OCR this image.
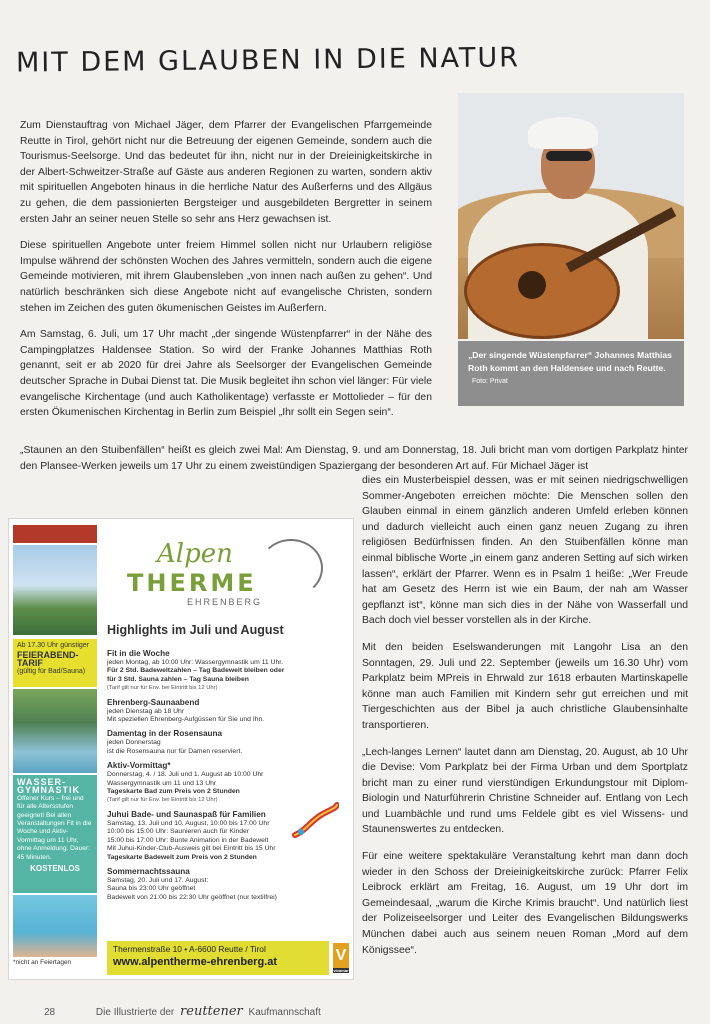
MIT DEM GLAUBEN IN DIE NATUR

Zum Dienstauftrag von Michael Jäger, dem Pfarrer der Evangelischen Pfarrgemeinde Reutte in Tirol, gehört nicht nur die Betreuung der eigenen Gemeinde, sondern auch die Tourismus-Seelsorge. Und das bedeutet für ihn, nicht nur in der Dreieinigkeitskirche in der Albert-Schweitzer-Straße auf Gäste aus anderen Regionen zu warten, sondern aktiv mit spirituellen Angeboten hinaus in die herrliche Natur des Außerferns und des Allgäus zu gehen, die dem passionierten Bergsteiger und ausgebildeten Bergretter in seinem ersten Jahr an seiner neuen Stelle so sehr ans Herz gewachsen ist.

Diese spirituellen Angebote unter freiem Himmel sollen nicht nur Urlaubern religiöse Impulse während der schönsten Wochen des Jahres vermitteln, sondern auch die eigene Gemeinde motivieren, mit ihrem Glaubensleben „von innen nach außen zu gehen“. Und natürlich beschränken sich diese Angebote nicht auf evangelische Christen, sondern stehen im Zeichen des guten ökumenischen Geistes im Außerfern.

Am Samstag, 6. Juli, um 17 Uhr macht „der singende Wüstenpfarrer“ in der Nähe des Campingplatzes Haldensee Station. So wird der Franke Johannes Matthias Roth genannt, seit er ab 2020 für drei Jahre als Seelsorger der Evangelischen Gemeinde deutscher Sprache in Dubai Dienst tat. Die Musik begleitet ihn schon viel länger: Für viele evangelische Kirchentage (und auch Katholikentage) verfasste er Mottolieder – für den ersten Ökumenischen Kirchentag in Berlin zum Beispiel „Ihr sollt ein Segen sein“.

„Der singende Wüstenpfarrer“ Johannes Matthias Roth kommt an den Haldensee und nach Reutte. Foto: Privat
„Staunen an den Stuibenfällen“ heißt es gleich zwei Mal: Am Dienstag, 9. und am Donnerstag, 18. Juli bricht man vom dortigen Parkplatz hinter den Plansee-Werken jeweils um 17 Uhr zu einem zweistündigen Spaziergang der besonderen Art auf. Für Michael Jäger ist

dies ein Musterbeispiel dessen, was er mit seinen niedrigschwelligen Sommer-Angeboten erreichen möchte: Die Menschen sollen den Glauben einmal in einem gänzlich anderen Umfeld erleben können und dadurch vielleicht auch einen ganz neuen Zugang zu ihren religiösen Bedürfnissen finden. An den Stuibenfällen könne man einmal biblische Worte „in einem ganz anderen Setting auf sich wirken lassen“, erklärt der Pfarrer. Wenn es in Psalm 1 heiße: „Wer Freude hat am Gesetz des Herrn ist wie ein Baum, der nah am Wasser gepflanzt ist“, könne man sich dies in der Nähe von Wasserfall und Bach doch viel besser vorstellen als in der Kirche.

Mit den beiden Eselswanderungen mit Langohr Lisa an den Sonntagen, 29. Juli und 22. September (jeweils um 16.30 Uhr) vom Parkplatz beim MPreis in Ehrwald zur 1618 erbauten Martinskapelle könne man auch Familien mit Kindern sehr gut erreichen und mit Tiergeschichten aus der Bibel ja auch christliche Glaubensinhalte transportieren.

„Lech-langes Lernen“ lautet dann am Dienstag, 20. August, ab 10 Uhr die Devise: Vom Parkplatz bei der Firma Urban und dem Sportplatz bricht man zu einer rund vierstündigen Erkundungstour mit Diplom-Biologin und Naturführerin Christine Schneider auf. Entlang von Lech und Luambächle und rund ums Feldele gibt es viel Wissens- und Staunenswertes zu entdecken.

Für eine weitere spektakuläre Veranstaltung kehrt man dann doch wieder in den Schoss der Dreieinigkeitskirche zurück: Pfarrer Felix Leibrock erklärt am Freitag, 16. August, um 19 Uhr dort im Gemeindesaal, „warum die Kirche Krimis braucht“. Und natürlich liest der Polizeiseelsorger und Leiter des Evangelischen Bildungswerks München dabei auch aus seinem neuen Roman „Mord auf dem Königssee“.

Ab 17.30 Uhr günstiger
FEIERABEND-TARIF
(gültig für Bad/Sauna)
WASSER-GYMNASTIK
Offener Kurs – frei und für alle Altersstufen geeignet! Bei allen Veranstaltungen Fit in die Woche und Aktiv-Vormittag um 11 Uhr, ohne Anmeldung. Dauer: 45 Minuten.
KOSTENLOS
*nicht an Feiertagen
Alpen
THERME
EHRENBERG
Highlights im Juli und August
Fit in die Woche
jeden Montag, ab 10:00 Uhr: Wassergymnastik um 11 Uhr.
Für 2 Std. Badeweltzahlen – Tag Badewelt bleiben oder
für 3 Std. Sauna zahlen – Tag Sauna bleiben
(Tarif gilt nur für Erw. bei Eintritt bis 12 Uhr)
Ehrenberg-Saunaabend
jeden Dienstag ab 18 Uhr
Mit speziellen Ehrenberg-Aufgüssen für Sie und Ihn.
Damentag in der Rosensauna
jeden Donnerstag
ist die Rosensauna nur für Damen reserviert.
Aktiv-Vormittag*
Donnerstag, 4. / 18. Juli und 1. August ab 10:00 Uhr
Wassergymnastik um 11 und 13 Uhr
Tageskarte Bad zum Preis von 2 Stunden
(Tarif gilt nur für Erw. bei Eintritt bis 12 Uhr)
Juhui Bade- und Saunaspaß für Familien
Samstag, 13. Juli und 10. August, 10:00 bis 17:00 Uhr
10:00 bis 15:00 Uhr: Saunieren auch für Kinder
15:00 bis 17:00 Uhr: Bunte Animation in der Badewelt
Mit Juhui-Kinder-Club-Ausweis gilt bei Eintritt bis 15 Uhr
Tageskarte Badewelt zum Preis von 2 Stunden
Sommernachtssauna
Samstag, 20. Juli und 17. August:
Sauna bis 23:00 Uhr geöffnet
Badewelt von 21:00 bis 22:30 Uhr geöffnet (nur textilfrei)
Thermenstraße 10 • A-6600 Reutte / Tirol
www.alpentherme-ehrenberg.at	V
vivamar
28	Die Illustrierte der reuttener Kaufmannschaft
